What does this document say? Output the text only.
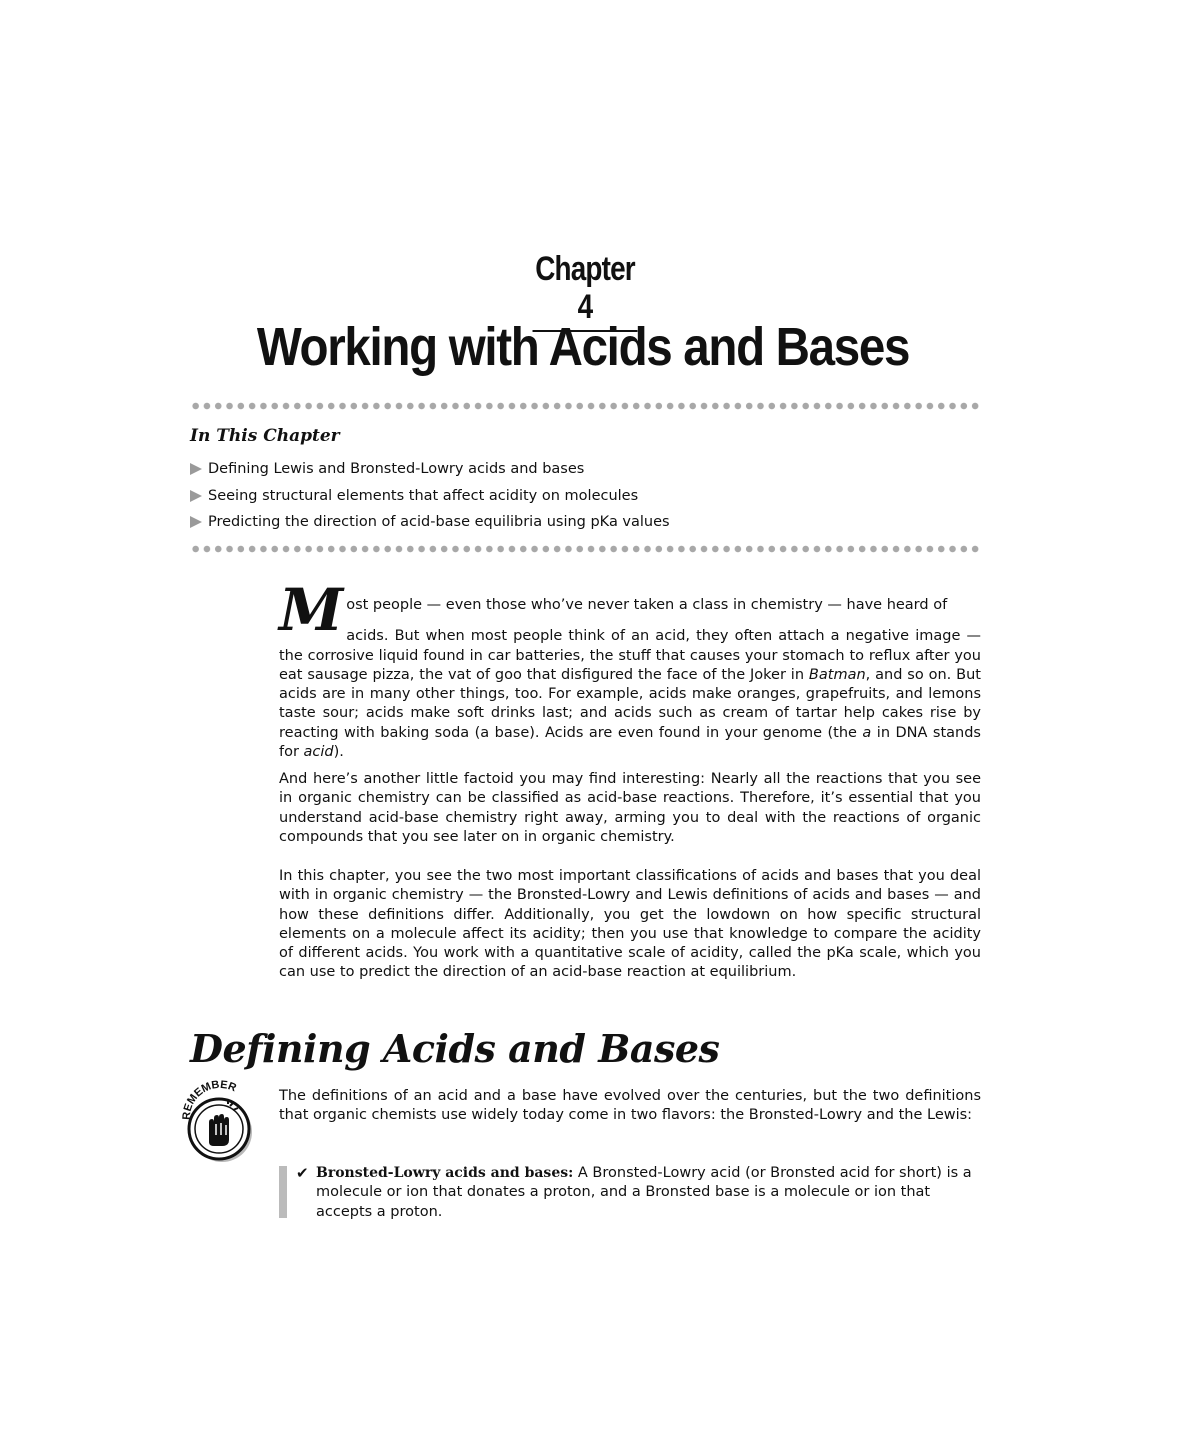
Chapter 4
Working with Acids and Bases
In This Chapter
Defining Lewis and Bronsted-Lowry acids and bases
Seeing structural elements that affect acidity on molecules
Predicting the direction of acid-base equilibria using pKa values
M ost people — even those who’ve never taken a class in chemistry — have heard of

acids. But when most people think of an acid, they often attach a negative image — the corrosive liquid found in car batteries, the stuff that causes your stomach to reflux after you eat sausage pizza, the vat of goo that disfigured the face of the Joker in Batman, and so on. But acids are in many other things, too. For example, acids make oranges, grapefruits, and lemons taste sour; acids make soft drinks last; and acids such as cream of tartar help cakes rise by reacting with baking soda (a base). Acids are even found in your genome (the a in DNA stands for acid).

And here’s another little factoid you may find interesting: Nearly all the reactions that you see in organic chemistry can be classified as acid-base reactions. Therefore, it’s essential that you understand acid-base chemistry right away, arming you to deal with the reactions of organic compounds that you see later on in organic chemistry.

In this chapter, you see the two most important classifications of acids and bases that you deal with in organic chemistry — the Bronsted-Lowry and Lewis definitions of acids and bases — and how these definitions differ. Additionally, you get the lowdown on how specific structural elements on a molecule affect its acidity; then you use that knowledge to compare the acidity of different acids. You work with a quantitative scale of acidity, called the pKa scale, which you can use to predict the direction of an acid-base reaction at equilibrium.

Defining Acids and Bases
REMEMBER

The definitions of an acid and a base have evolved over the centuries, but the two definitions that organic chemists use widely today come in two flavors: the Bronsted-Lowry and the Lewis:

✔ Bronsted-Lowry acids and bases: A Bronsted-Lowry acid (or Bronsted acid for short) is a molecule or ion that donates a proton, and a Bronsted base is a molecule or ion that accepts a proton.
